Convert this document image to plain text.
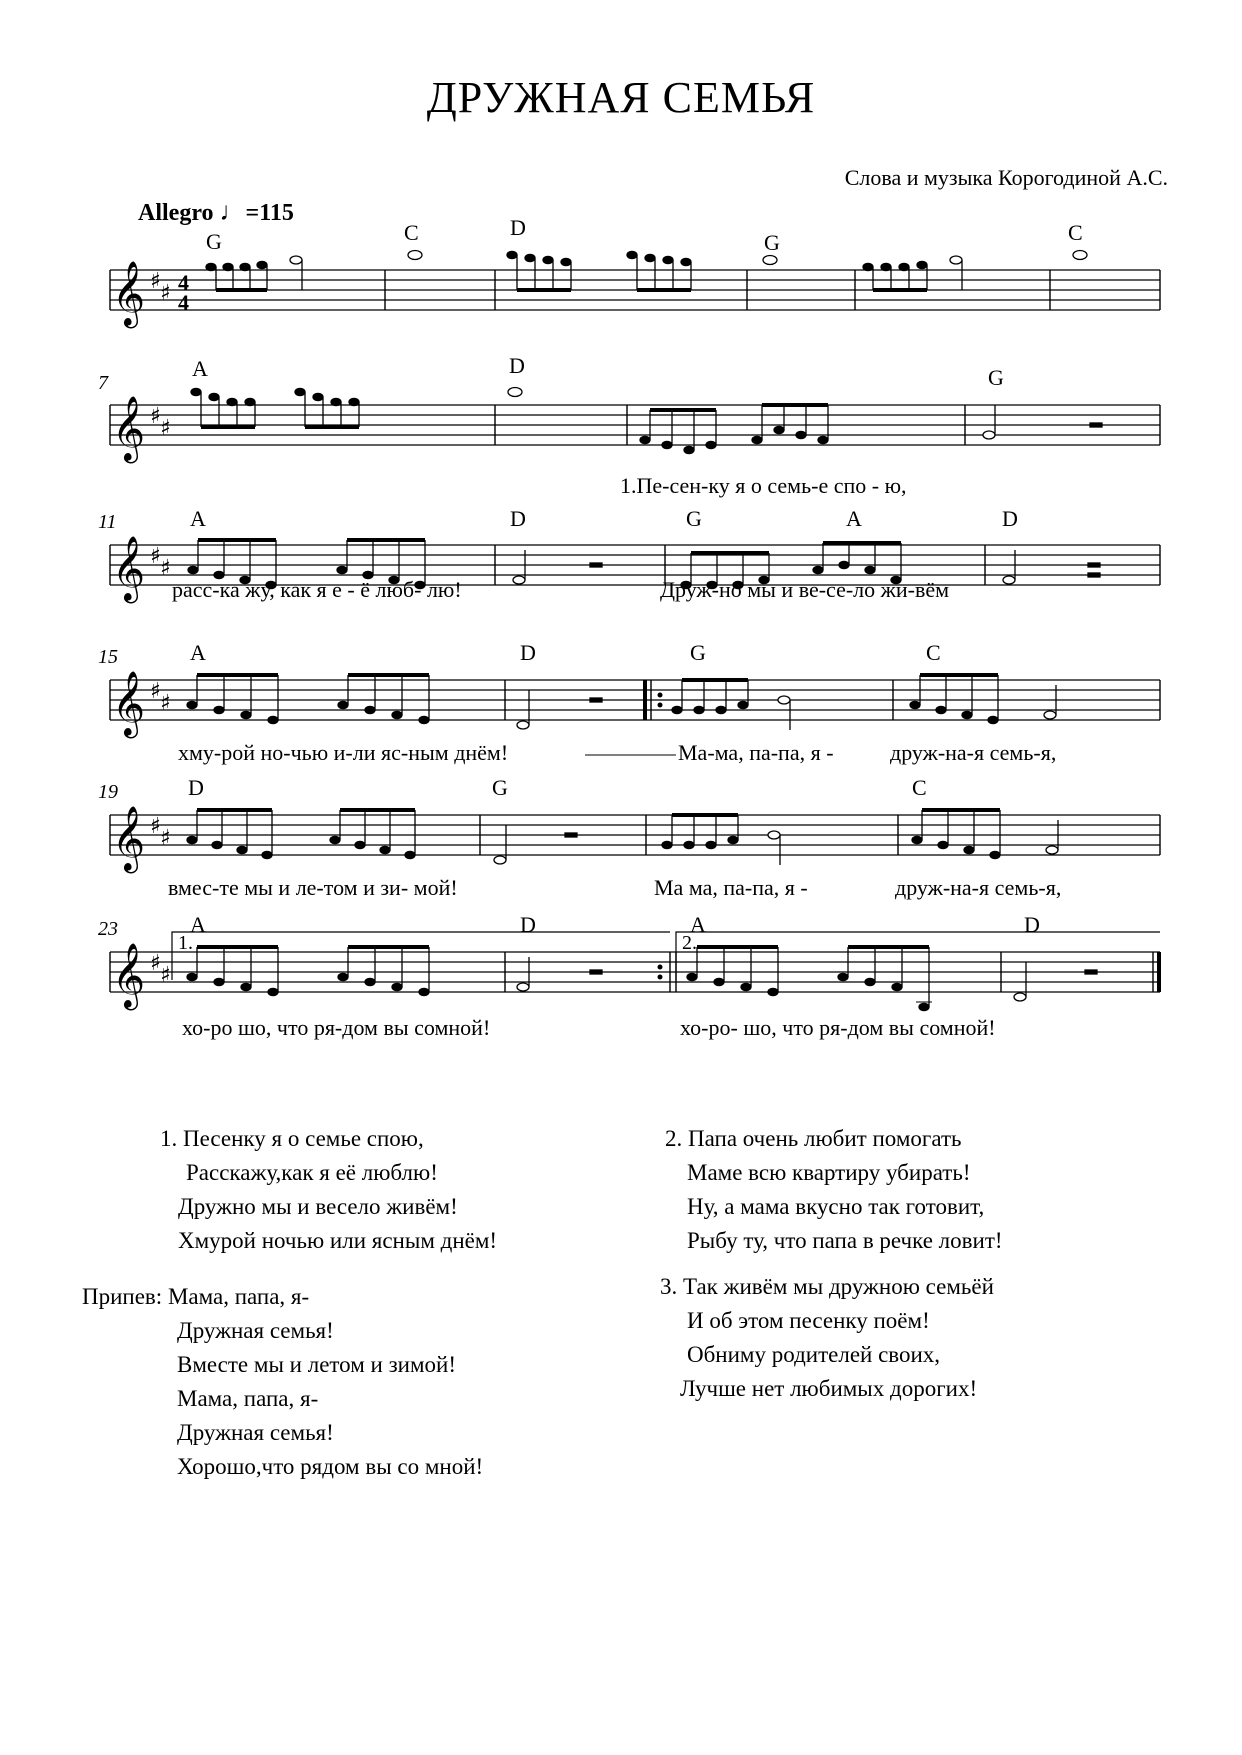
ДРУЖНАЯ СЕМЬЯ
Слова и музыка Корогодиной А.С.
Allegro ♩=115
𝄞 ♯ ♯ 4
4
G	C	D
G	C
7
𝄞 ♯ ♯
A	D	G
1.Пе-сен-ку я о семь-е спо - ю,
11
𝄞 ♯ ♯
A	D	G	A	D
расс-ка жу, как я е - ё люб- лю!	Друж-но мы и ве-се-ло жи-вём
15
𝄞 ♯ ♯
A	D	G	C
хму-рой но-чью и-ли яс-ным днём!	Ма-ма, па-па, я -	друж-на-я семь-я,
19
𝄞 ♯ ♯
D	G	C
вмес-те мы и ле-том и зи- мой!	Ма ма, па-па, я -	друж-на-я семь-я,
23
𝄞 ♯ ♯
1.	2.
A	D	A	D
хо-ро шо, что ря-дом вы сомной!	хо-ро- шо, что ря-дом вы сомной!
1. Песенку я о семье спою,
Расскажу,как я её люблю!
Дружно мы и весело живём!
Хмурой ночью или ясным днём!
Припев: Мама, папа, я-
Дружная семья!
Вместе мы и летом и зимой!
Мама, папа, я-
Дружная семья!
Хорошо,что рядом вы со мной!
2. Папа очень любит помогать
Маме всю квартиру убирать!
Ну, а мама вкусно так готовит,
Рыбу ту, что папа в речке ловит!
3. Так живём мы дружною семьёй
И об этом песенку поём!
Обниму родителей своих,
Лучше нет любимых дорогих!
